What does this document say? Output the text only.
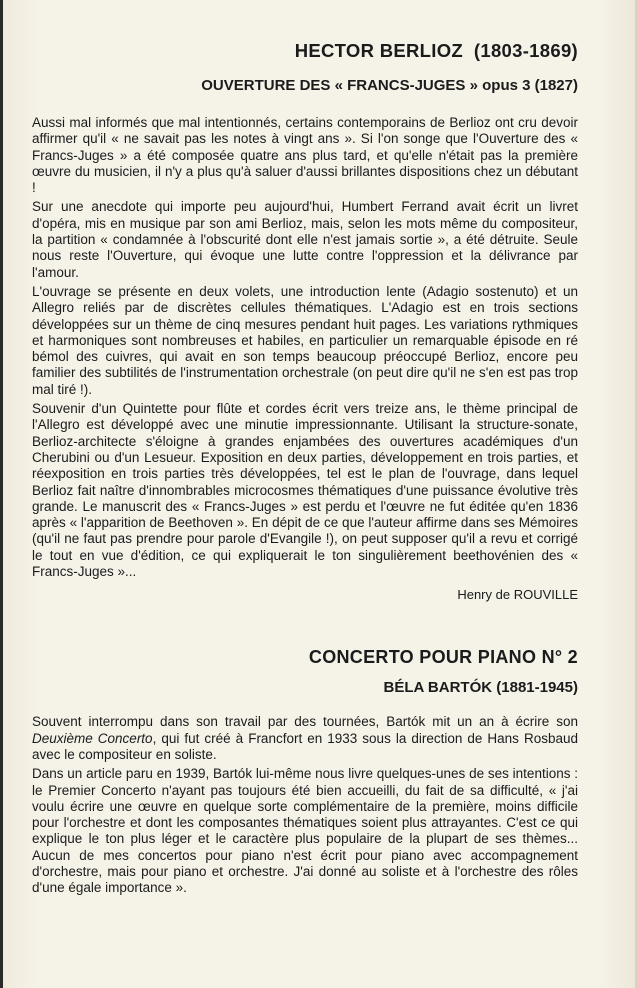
HECTOR BERLIOZ (1803-1869)
OUVERTURE DES « FRANCS-JUGES » opus 3 (1827)

Aussi mal informés que mal intentionnés, certains contemporains de Berlioz ont cru devoir affirmer qu'il « ne savait pas les notes à vingt ans ». Si l'on songe que l'Ouverture des « Francs-Juges » a été composée quatre ans plus tard, et qu'elle n'était pas la première œuvre du musicien, il n'y a plus qu'à saluer d'aussi brillantes dispositions chez un débutant !

Sur une anecdote qui importe peu aujourd'hui, Humbert Ferrand avait écrit un livret d'opéra, mis en musique par son ami Berlioz, mais, selon les mots même du compositeur, la partition « condamnée à l'obscurité dont elle n'est jamais sortie », a été détruite. Seule nous reste l'Ouverture, qui évoque une lutte contre l'oppression et la délivrance par l'amour.

L'ouvrage se présente en deux volets, une introduction lente (Adagio sostenuto) et un Allegro reliés par de discrètes cellules thématiques. L'Adagio est en trois sections développées sur un thème de cinq mesures pendant huit pages. Les variations rythmiques et harmoniques sont nombreuses et habiles, en particulier un remarquable épisode en ré bémol des cuivres, qui avait en son temps beaucoup préoccupé Berlioz, encore peu familier des subtilités de l'instrumentation orchestrale (on peut dire qu'il ne s'en est pas trop mal tiré !).

Souvenir d'un Quintette pour flûte et cordes écrit vers treize ans, le thème principal de l'Allegro est développé avec une minutie impressionnante. Utilisant la structure-sonate, Berlioz-architecte s'éloigne à grandes enjambées des ouvertures académiques d'un Cherubini ou d'un Lesueur. Exposition en deux parties, développement en trois parties, et réexposition en trois parties très développées, tel est le plan de l'ouvrage, dans lequel Berlioz fait naître d'innombrables microcosmes thématiques d'une puissance évolutive très grande. Le manuscrit des « Francs-Juges » est perdu et l'œuvre ne fut éditée qu'en 1836 après « l'apparition de Beethoven ». En dépit de ce que l'auteur affirme dans ses Mémoires (qu'il ne faut pas prendre pour parole d'Evangile !), on peut supposer qu'il a revu et corrigé le tout en vue d'édition, ce qui expliquerait le ton singulièrement beethovénien des « Francs-Juges »...

Henry de ROUVILLE
CONCERTO POUR PIANO N° 2
BÉLA BARTÓK (1881-1945)

Souvent interrompu dans son travail par des tournées, Bartók mit un an à écrire son Deuxième Concerto, qui fut créé à Francfort en 1933 sous la direction de Hans Rosbaud avec le compositeur en soliste.

Dans un article paru en 1939, Bartók lui-même nous livre quelques-unes de ses intentions : le Premier Concerto n'ayant pas toujours été bien accueilli, du fait de sa difficulté, « j'ai voulu écrire une œuvre en quelque sorte complémentaire de la première, moins difficile pour l'orchestre et dont les composantes thématiques soient plus attrayantes. C'est ce qui explique le ton plus léger et le caractère plus populaire de la plupart de ses thèmes... Aucun de mes concertos pour piano n'est écrit pour piano avec accompagnement d'orchestre, mais pour piano et orchestre. J'ai donné au soliste et à l'orchestre des rôles d'une égale importance ».
